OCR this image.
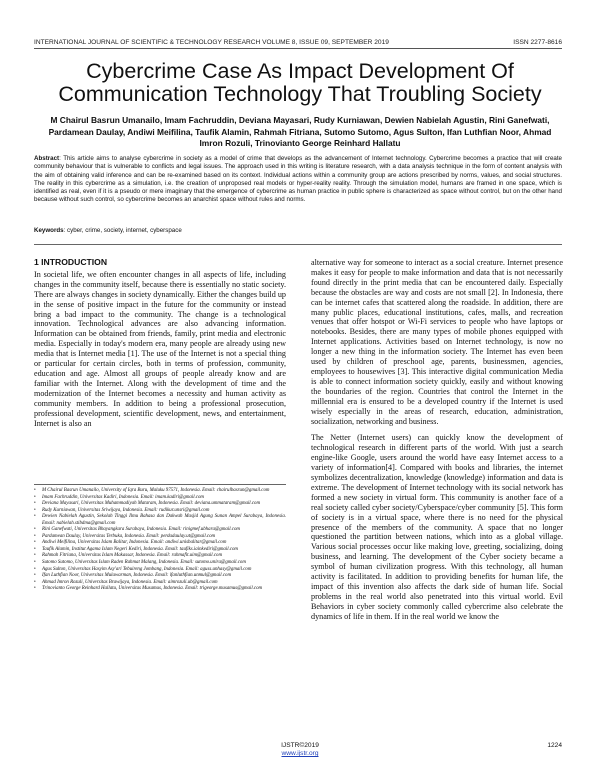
INTERNATIONAL JOURNAL OF SCIENTIFIC & TECHNOLOGY RESEARCH VOLUME 8, ISSUE 09, SEPTEMBER 2019	ISSN 2277-8616
Cybercrime Case As Impact Development Of Communication Technology That Troubling Society
M Chairul Basrun Umanailo, Imam Fachruddin, Deviana Mayasari, Rudy Kurniawan, Dewien Nabielah Agustin, Rini Ganefwati, Pardamean Daulay, Andiwi Meifilina, Taufik Alamin, Rahmah Fitriana, Sutomo Sutomo, Agus Sulton, Ifan Luthfian Noor, Ahmad Imron Rozuli, Trinovianto George Reinhard Hallatu
Abstract: This article aims to analyse cybercrime in society as a model of crime that develops as the advancement of Internet technology. Cybercrime becomes a practice that will create community behaviour that is vulnerable to conflicts and legal issues. The approach used in this writing is literature research, with a data analysis technique in the form of content analysis with the aim of obtaining valid inference and can be re-examined based on its context. Individual actions within a community group are actions prescribed by norms, values, and social structures. The reality in this cybercrime as a simulation, i.e. the creation of unproposed real models or hyper-reality reality. Through the simulation model, humans are framed in one space, which is identified as real, even if it is a pseudo or mere imaginary that the emergence of cybercrime as human practice in public sphere is characterized as space without control, but on the other hand because without such control, so cybercrime becomes an anarchist space without rules and norms.
Keywords: cyber, crime, society, internet, cyberspace
1 INTRODUCTION

In societal life, we often encounter changes in all aspects of life, including changes in the community itself, because there is essentially no static society. There are always changes in society dynamically. Either the changes build up in the sense of positive impact in the future for the community or instead bring a bad impact to the community. The change is a technological innovation. Technological advances are also advancing information. Information can be obtained from friends, family, print media and electronic media. Especially in today's modern era, many people are already using new media that is Internet media [1]. The use of the Internet is not a special thing or particular for certain circles, both in terms of profession, community, education and age. Almost all groups of people already know and are familiar with the Internet. Along with the development of time and the modernization of the Internet becomes a necessity and human activity as community members. In addition to being a professional prosecution, professional development, scientific development, news, and entertainment, Internet is also an

• M Chairul Basrun Umanailo, University of Iqra Buru, Maluku 97571, Indonesia. Email: chairulbasrun@gmail.com
• Imam Fachruddin, Universitas Kadiri, Indonesia. Email: imam.kadiri@gmail.com
• Deviana Mayasari, Universitas Muhammadiyah Mataram, Indonesia. Email: deviana.ummataram@gmail.com
• Rudy Kurniawan, Universitas Sriwijaya, Indonesia. Email: rudikur.unsri@gmail.com
• Dewien Nabielah Agustin, Sekolah Tinggi Ilmu Bahasa dan Dakwah Masjid Agung Sunan Ampel Surabaya, Indonesia. Email: nabielah.stibdma@gmail.com
• Rini Ganefwati, Universitas Bhayangkara Surabaya, Indonesia. Email: rinigmef.ubhara@gmail.com
• Pardamean Daulay, Universitas Terbuka, Indonesia. Email: perdadaulay.ut@gmail.com
• Andiwi Meifilina, Universitas Islam Balitar, Indonesia. Email: andiwi.unisbalitar@gmail.com
• Taufik Alamin, Institut Agama Islam Negeri Kediri, Indonesia. Email: taufiks.iainkediri@gmail.com
• Rahmah Fitriana, Universitas Islam Makassar, Indonesia. Email: rahmafit.uim@gmail.com
• Sutomo Sutomo, Universitas Islam Raden Rahmat Malang, Indonesia. Email: sutomo.unira@gmail.com
• Agus Sulton, Universitas Hasyim Asy'ari Tebuireng Jombang, Indonesia. Email: aguss.unhasy@gmail.com
• Ifan Luthfian Noor, Universitas Mulawarman, Indonesia. Email: ifanluthfian.unmul@gmail.com
• Ahmad Imron Rozuli, Universitas Brawijaya, Indonesia. Email: aimrozuli.ub@gmail.com
• Trinovianto George Reinhard Hallatu, Universitas Musamus, Indonesia. Email: trigeorge.musamus@gmail.com

alternative way for someone to interact as a social creature. Internet presence makes it easy for people to make information and data that is not necessarily found directly in the print media that can be encountered daily. Especially because the obstacles are way and costs are not small [2]. In Indonesia, there can be internet cafes that scattered along the roadside. In addition, there are many public places, educational institutions, cafes, malls, and recreation venues that offer hotspot or Wi-Fi services to people who have laptops or notebooks. Besides, there are many types of mobile phones equipped with Internet applications. Activities based on Internet technology, is now no longer a new thing in the information society. The Internet has even been used by children of preschool age, parents, businessmen, agencies, employees to housewives [3]. This interactive digital communication Media is able to connect information society quickly, easily and without knowing the boundaries of the region. Countries that control the Internet in the millennial era is ensured to be a developed country if the Internet is used wisely especially in the areas of research, education, administration, socialization, networking and business.

The Netter (Internet users) can quickly know the development of technological research in different parts of the world. With just a search engine-like Google, users around the world have easy Internet access to a variety of information[4]. Compared with books and libraries, the internet symbolizes decentralization, knowledge (knowledge) information and data is extreme. The development of Internet technology with its social network has formed a new society in virtual form. This community is another face of a real society called cyber society/Cyberspace/cyber community [5]. This form of society is in a virtual space, where there is no need for the physical presence of the members of the community. A space that no longer questioned the partition between nations, which into as a global village. Various social processes occur like making love, greeting, socializing, doing business, and learning. The development of the Cyber society became a symbol of human civilization progress. With this technology, all human activity is facilitated. In addition to providing benefits for human life, the impact of this invention also affects the dark side of human life. Social problems in the real world also penetrated into this virtual world. Evil Behaviors in cyber society commonly called cybercrime also celebrate the dynamics of life in them. If in the real world we know the

IJSTR©2019
www.ijstr.org
1224
